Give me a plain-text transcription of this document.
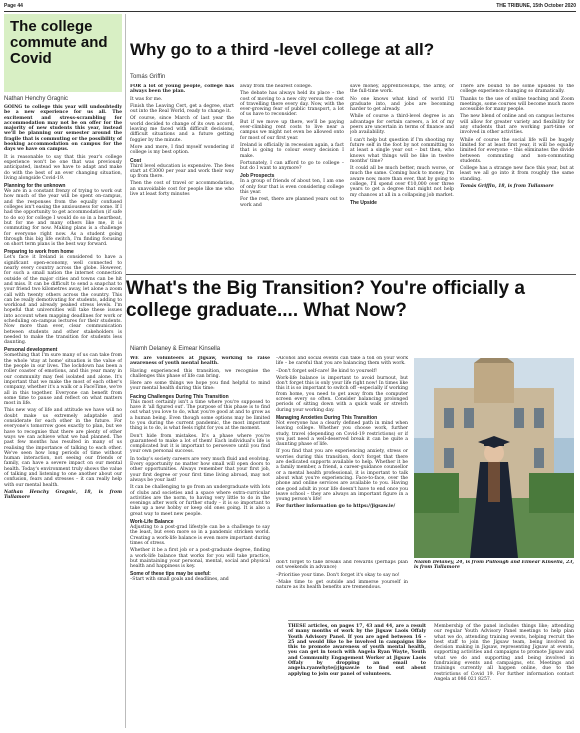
Page 44	THE TRIBUNE, 15th October 2020
The college commute and Covid
Nathan Henchy Gragnic

GOING to college this year will undoubtedly be a new experience for us all. The excitement and stress-scrambling for accommodation may not be on offer for the majority of new students this year, instead we'll be planning our semester around the fragile that is commuting or the possibility of booking accommodation on campus for the days we have on campus.

It is reasonable to say that this year's college experience won't be one that was previously anticipated, instead we have to adapt and make do with the best of an ever changing situation, living alongside Covid-19.

Planning for the unknown

We are in a constant frenzy of trying to work out how much of the year will be spent on-campus, and the responses from the equally confused colleges isn't easing the anxiousness for some. If I had the opportunity to get accommodation (if safe to do so) for college I would do so in a heartbeat, but for me and many others like me, it is commuting for now. Making plans is a challenge for everyone right now. As a student going through this big life switch, I'm finding focusing on short term plans is the best way forward.

Preparing to work from home

Let's face it Ireland is considered to have a significant open-economy, well connected to nearly every country across the globe. However, for such a small nation the internet connection outside of the major cities and towns can be hit and miss. It can be difficult to send a snapchat to your friend two kilometres away, let alone a zoom call with twenty others across the country. This can be really demotivating for students, adding to workload and already peaked stress levels. I'm hopeful that universities will take these issues into account when mapping deadlines for work or scheduling on-campus lectures for their students. Now more than ever, clear communication between students and other stakeholders is needed to make the transition for students less daunting.

Personal development

Something that I'm sure many of us can take from the whole 'stay at home' situation is the value of the people in our lives. The lockdown has been a roller coaster of emotions, and this year many in our community may feel isolated and alone. It's important that we make the most of each other's company, whether it's a walk or a FaceTime, we're all in this together. Everyone can benefit from some time to pause and reflect on what matters most in life.

This new way of life and attitude we have will no doubt make us extremely adaptable and considerate for each other in the future. For everyone's tomorrow goes exactly to plan, but we have to recognise that there are plenty of other ways we can achieve what we had planned. The past few months has resulted in many of us realising the importance of talking to each other. We've seen how long periods of time without human interaction, not seeing our friends or family, can have a severe impact on our mental health. Today's environment truly shows the value of talking and listening to one another about our confusion, fears and stresses – it can really help with our mental health.

Nathan Henchy Gragnic, 18, is from Tullamore

Why go to a third -level college at all?
Tomás Griffin

FOR a lot of young people, college has always been the plan.

It was for me.

Finish the Leaving Cert, get a degree, start out into the Real World, ready to change it.

Of course, since March of last year the world decided to change of its own accord, leaving me faced with difficult decisions, difficult situations and a future getting foggier by the minute.

More and more, I find myself wondering if college is my best option.

Cost

Third level education is expensive. The fees start at €3000 per year and work their way up from there.

Then the cost of travel or accommodation, an unavoidable cost for people like me who live at least forty minutes

away from the nearest college.

The debate has always held its place – the cost of moving to a new city versus the cost of travelling there every day. Now, with the ever-growing fear of public transport, a lot of us have to reconsider.

But if we move up there, we'll be paying ever-climbing rent costs to live near a campus we might not even be allowed onto for most of our first year.

Ireland is officially in recession again, a fact that is going to colour every decision I make.

Fortunately, I can afford to go to college – but do I want to anymore?

Job Prospects

In a group of friends of about ten, I am one of only four that is even considering college this year.

For the rest, there are planned years out to work and

save money, apprenticeships, the army, or the full-time work.

No one knows what kind of world I'll graduate into, and jobs are becoming harder to get already.

While of course a third-level degree is an advantage for certain careers, a lot of my peers are uncertain in terms of finance and job availability.

I can't help but question if I'm shooting my future self in the foot by not committing to at least a single year out – but then, who knows what things will be like in twelve months' time?

It could all be much better, much worse, or much the same. Coming back to money, I'm aware now, more than ever, that by going to college, I'll spend over €10,000 over three years to get a degree that might not help my chances at all in a collapsing job market.

The Upside

There are bound to be some upsides to the college experience changing so dramatically.

Thanks to the use of online teaching and Zoom meetings, some courses will become much more accessible for many people.

The new blend of online and on campus lectures will allow for greater variety and flexibility for any students that are working part-time or involved in other activities.

While of course the social life will be hugely limited for at least first year, it will be equally limited for everyone – this eliminates the divide between commuting and non-commuting students.

College has a strange new face this year, but at least we all go into it from roughly the same standing.

Tomás Griffin, 18, is from Tullamore

What's the Big Transition? You're officially a college graduate.... What Now?
Niamh Delaney & Eimear Kinsella

WE are volunteers at Jigsaw, working to raise awareness of youth mental health.

Having experienced this transition, we recognise the challenges this phase of life can bring.

Here are some things we hope you find helpful to mind your mental health during this time:

Facing Challenges During This Transition

This most certainly isn't a time where you're supposed to have it 'all figured out'. The purpose of this phase is to find out what you love to do, what you're good at and to grow as a human being. Even though some options may be limited to you during the current pandemic, the most important thing is to do, is what feels right for you at the moment.

Don't hide from mistakes. It's a phase where you're guaranteed to make a lot of them! Each individual's life is complicated but it is important to persevere until you find your own personal success.

In today's society careers are very much fluid and evolving. Every opportunity no matter how small will open doors to other opportunities. Always remember that your first job, your first degree or your first time living abroad, may not always be your last!

It can be challenging to go from an undergraduate with lots of clubs and societies and a space where extra-curricular activities are the norm, to having very little to do in the evenings after work or further study – it is so important to take up a new hobby or keep old ones going. It is also a great way to meet new people.

Work-Life Balance

Adjusting to a post-grad lifestyle can be a challenge to say the least, but even more so in a pandemic stricken world. Creating a work-life balance is even more important during times of stress.

Whether it be a first job or a post-graduate degree, finding a work-life balance that works for you will take practice, but maintaining your personal, mental, social and physical health and happiness is key.

Some of these tips may be useful:

–Start with small goals and deadlines, and

don't forget to take breaks and rewards (perhaps plan out weekends in advance)

–Prioritise your time. Don't forget it's okay to say no!

–Make time to get outside and immerse yourself in nature as its health benefits are tremendous.

Niamh Delaney, 24, is from Pullough and Eimear Kinsella, 23, is from Tullamore

–Alcohol and social events can take a toll on your work life – be careful that you are balancing them with work.

–Don't forget self-care! Be kind to yourself!

Work-life balance is important to avoid burnout, but don't forget this is only your life right now! In times like this it is so important to switch off –especially if working from home, you need to get away from the computer screen every so often. Consider balancing prolonged periods of sitting down with a quick walk or stretch during your working day.

Managing Anxieties During This Transition

Not everyone has a clearly defined path in mind when leaving college. Whether you choose work, further study, travel (depending on Covid-19 restrictions) or if you just need a well-deserved break it can be quite a daunting phase of life.

If you find that you are experiencing anxiety, stress or worries during this transition, don't forget that there are dedicated supports available to help. Whether it be a family member, a friend, a career-guidance counsellor or a mental health professional, it is important to talk about what you're experiencing. Face-to-face, over the phone and online services are available to you. Having one good adult in your life doesn't have to end once you leave school – they are always an important figure in a young person's life!

For further information go to https://jigsaw.ie/

THESE articles, on pages 17, 43 and 44, are a result of many months of work by the Jigsaw Laois Offaly Youth Advisory Panel. If you are aged between 16 – 25 and would like to be involved in campaigns like this to promote awareness of youth mental health, you can get in touch with Angela Ryan Wayte, Youth and Community Engagement Worker at Jigsaw Laois Offaly by dropping an email to angela.ryanwhyte@jigsaw.ie to find out about applying to join our panel of volunteers.
Membership of the panel includes things like; attending our regular Youth Advisory Panel meetings to help plan what we do, attending training events, helping recruit the best staff to join the Jigsaw team, being involved in decision making in Jigsaw, representing Jigsaw at events, supporting activities and campaigns to promote Jigsaw and what we do and supporting and being involved in fundraising events and campaigns, etc. Meetings and trainings currently all happen online, due to the restrictions of Covid 19. For further information contact Angela at 086 021 8257.
